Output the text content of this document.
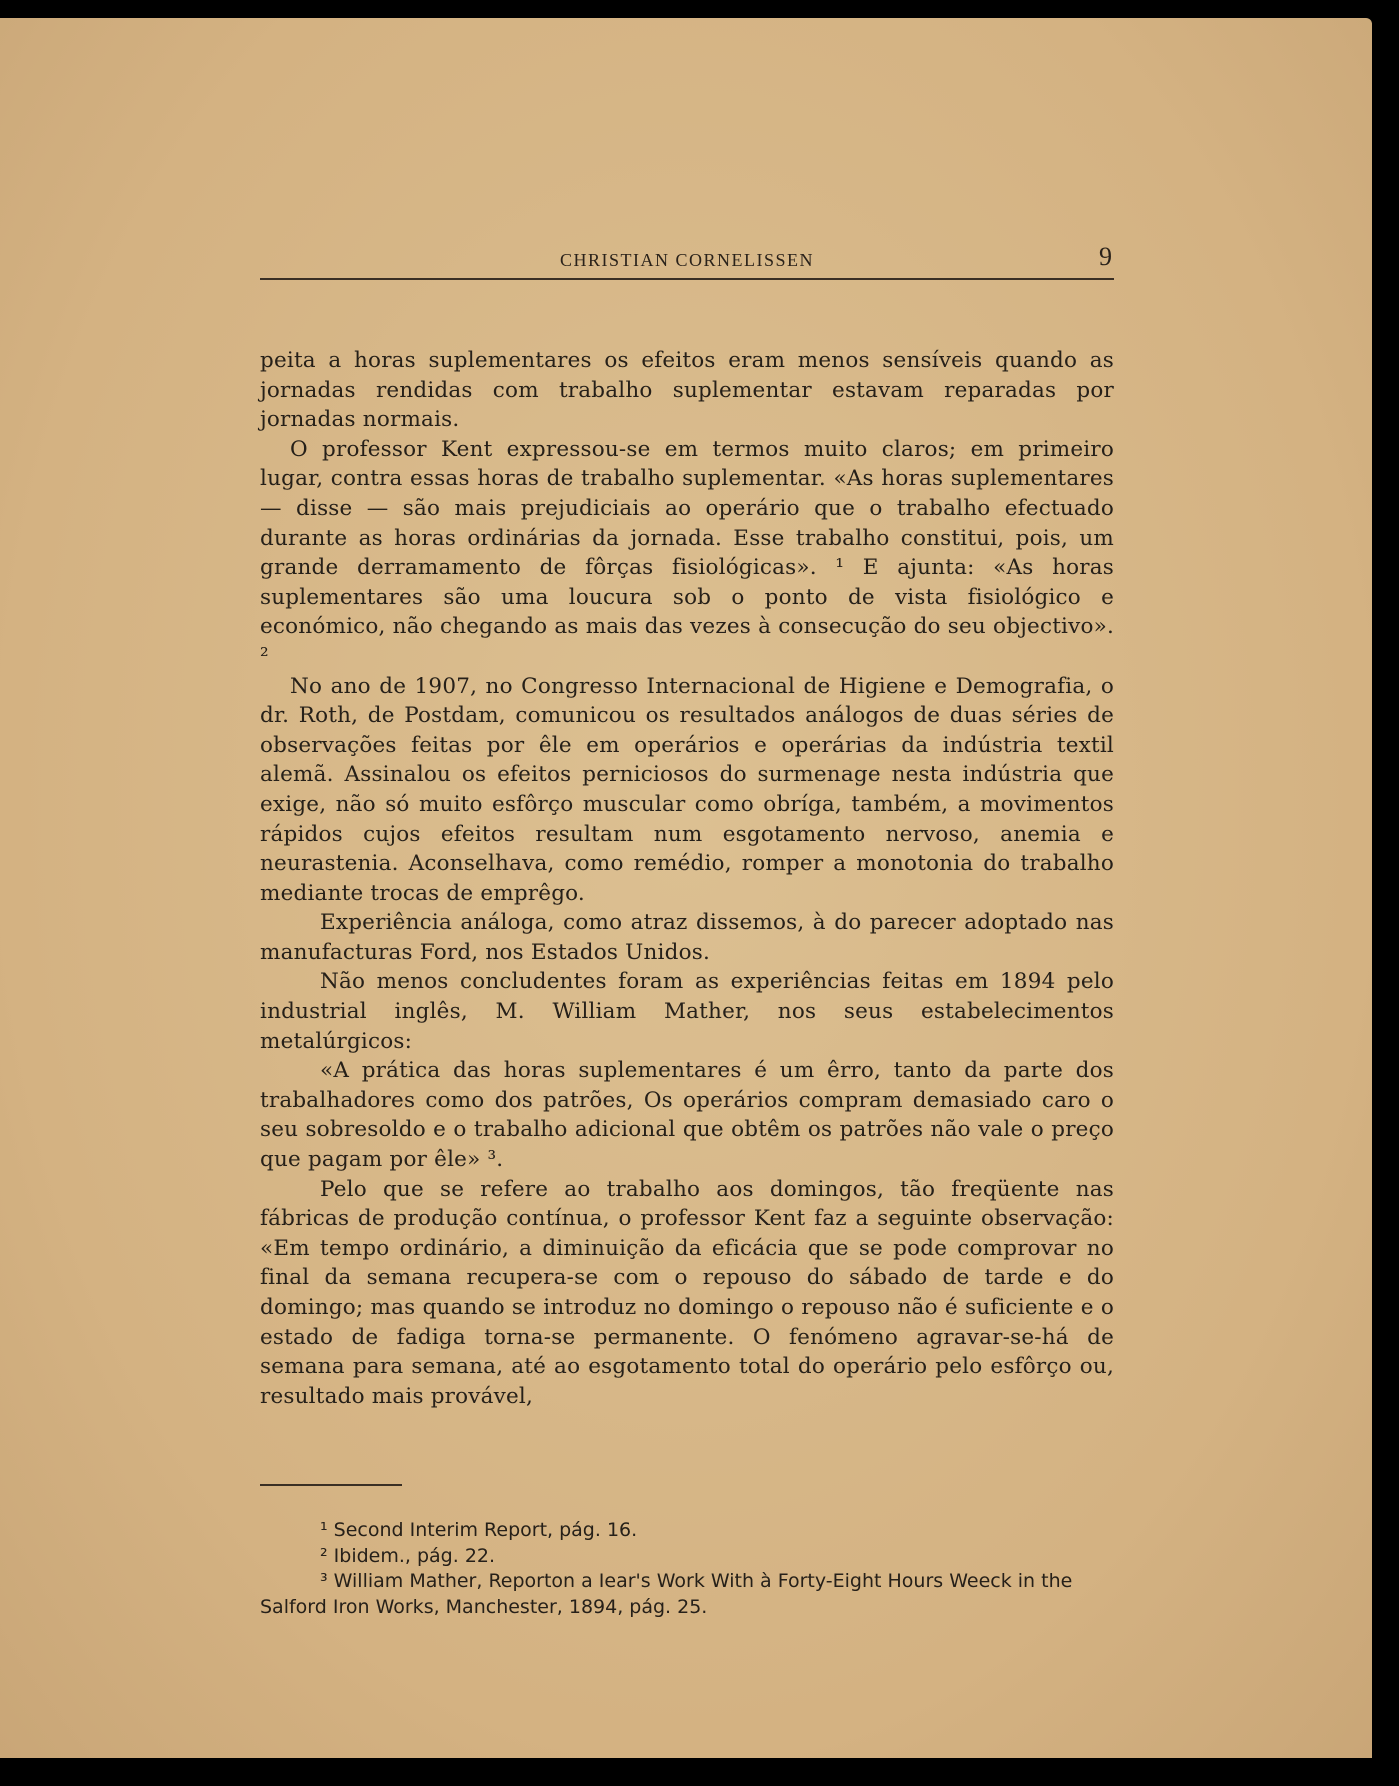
CHRISTIAN CORNELISSEN	9

peita a horas suplementares os efeitos eram menos sensíveis quando as jornadas rendidas com trabalho suplementar estavam reparadas por jornadas normais.

O professor Kent expressou-se em termos muito claros; em primeiro lugar, contra essas horas de trabalho suplementar. «As horas suplementares — disse — são mais prejudiciais ao operário que o trabalho efectuado durante as horas ordinárias da jornada. Esse trabalho constitui, pois, um grande derramamento de fôrças fisiológicas». ¹ E ajunta: «As horas suplementares são uma loucura sob o ponto de vista fisiológico e económico, não chegando as mais das vezes à consecução do seu objectivo». ²

No ano de 1907, no Congresso Internacional de Higiene e Demografia, o dr. Roth, de Postdam, comunicou os resultados análogos de duas séries de observações feitas por êle em operários e operárias da indústria textil alemã. Assinalou os efeitos perniciosos do surmenage nesta indústria que exige, não só muito esfôrço muscular como obríga, também, a movimentos rápidos cujos efeitos resultam num esgotamento nervoso, anemia e neurastenia. Aconselhava, como remédio, romper a monotonia do trabalho mediante trocas de emprêgo.

Experiência análoga, como atraz dissemos, à do parecer adoptado nas manufacturas Ford, nos Estados Unidos.

Não menos concludentes foram as experiências feitas em 1894 pelo industrial inglês, M. William Mather, nos seus estabelecimentos metalúrgicos:

«A prática das horas suplementares é um êrro, tanto da parte dos trabalhadores como dos patrões, Os operários compram demasiado caro o seu sobresoldo e o trabalho adicional que obtêm os patrões não vale o preço que pagam por êle» ³.

Pelo que se refere ao trabalho aos domingos, tão freqüente nas fábricas de produção contínua, o professor Kent faz a seguinte observação: «Em tempo ordinário, a diminuição da eficácia que se pode comprovar no final da semana recupera-se com o repouso do sábado de tarde e do domingo; mas quando se introduz no domingo o repouso não é suficiente e o estado de fadiga torna-se permanente. O fenómeno agravar-se-há de semana para semana, até ao esgotamento total do operário pelo esfôrço ou, resultado mais provável,

¹ Second Interim Report, pág. 16.

² Ibidem., pág. 22.

³ William Mather, Reporton a Iear's Work With à Forty-Eight Hours Weeck in the Salford Iron Works, Manchester, 1894, pág. 25.
